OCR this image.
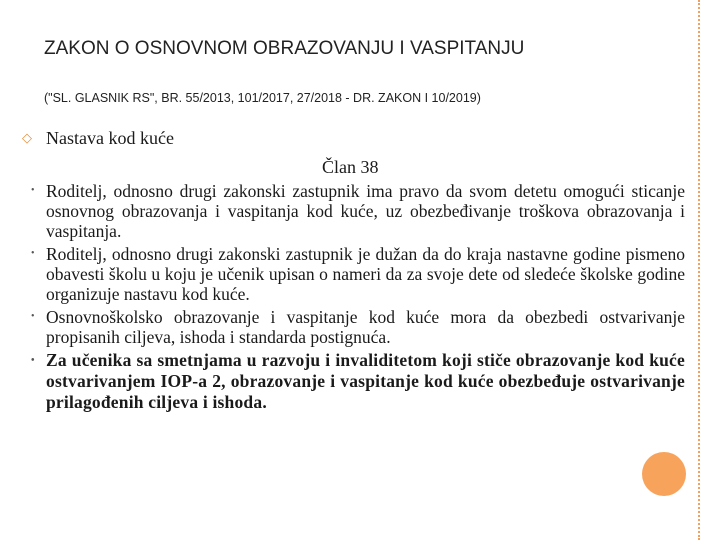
ZAKON O OSNOVNOM OBRAZOVANJU I VASPITANJU
("SL. GLASNIK RS", BR. 55/2013, 101/2017, 27/2018 - DR. ZAKON I 10/2019)
◇ Nastava kod kuće
Član 38
• Roditelj, odnosno drugi zakonski zastupnik ima pravo da svom detetu omogući sticanje osnovnog obrazovanja i vaspitanja kod kuće, uz obezbeđivanje troškova obrazovanja i vaspitanja.
• Roditelj, odnosno drugi zakonski zastupnik je dužan da do kraja nastavne godine pismeno obavesti školu u koju je učenik upisan o nameri da za svoje dete od sledeće školske godine organizuje nastavu kod kuće.
• Osnovnoškolsko obrazovanje i vaspitanje kod kuće mora da obezbedi ostvarivanje propisanih ciljeva, ishoda i standarda postignuća.
• Za učenika sa smetnjama u razvoju i invaliditetom koji stiče obrazovanje kod kuće ostvarivanjem IOP-a 2, obrazovanje i vaspitanje kod kuće obezbeđuje ostvarivanje prilagođenih ciljeva i ishoda.
